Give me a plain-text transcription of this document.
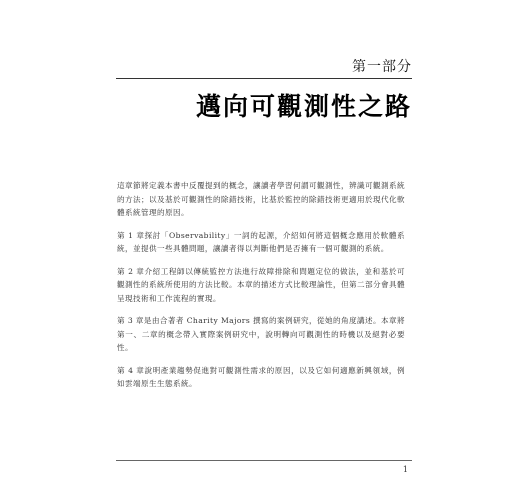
第一部分
邁向可觀測性之路

這章節將定義本書中反覆提到的概念，讓讀者學習何謂可觀測性，辨識可觀測系統的方法；以及基於可觀測性的除錯技術，比基於監控的除錯技術更適用於現代化軟體系統管理的原因。

第 1 章探討「Observability」一詞的起源，介紹如何將這個概念應用於軟體系統，並提供一些具體問題，讓讀者得以判斷他們是否擁有一個可觀測的系統。

第 2 章介紹工程師以傳統監控方法進行故障排除和問題定位的做法，並和基於可觀測性的系統所使用的方法比較。本章的描述方式比較理論性，但第二部分會具體呈現技術和工作流程的實現。

第 3 章是由合著者 Charity Majors 撰寫的案例研究，從她的角度講述。本章將第一、二章的概念帶入實際案例研究中，說明轉向可觀測性的時機以及絕對必要性。

第 4 章說明產業趨勢促進對可觀測性需求的原因，以及它如何適應新興領域，例如雲端原生生態系統。

1
